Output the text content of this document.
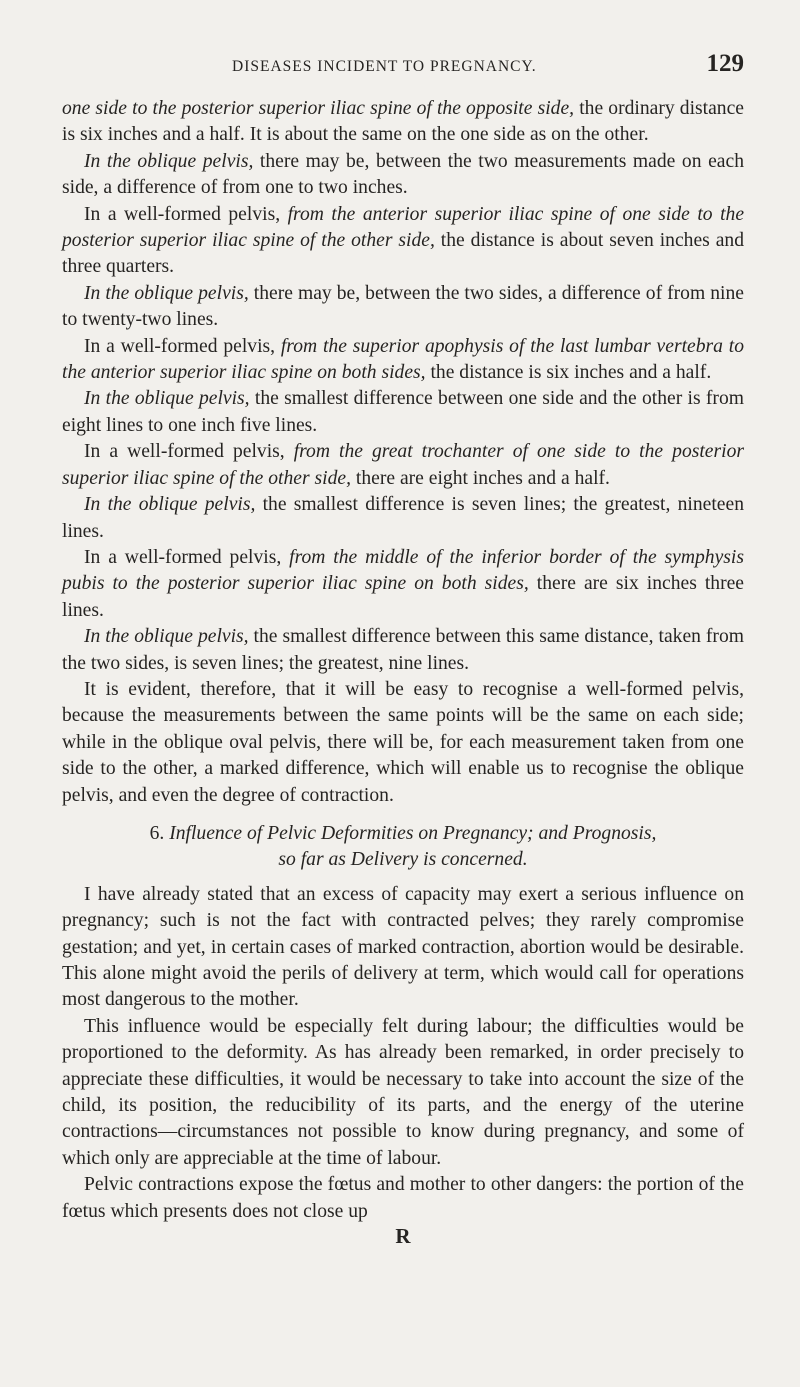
DISEASES INCIDENT TO PREGNANCY.	129

one side to the posterior superior iliac spine of the opposite side, the ordinary distance is six inches and a half. It is about the same on the one side as on the other.

In the oblique pelvis, there may be, between the two measurements made on each side, a difference of from one to two inches.

In a well-formed pelvis, from the anterior superior iliac spine of one side to the posterior superior iliac spine of the other side, the distance is about seven inches and three quarters.

In the oblique pelvis, there may be, between the two sides, a difference of from nine to twenty-two lines.

In a well-formed pelvis, from the superior apophysis of the last lumbar vertebra to the anterior superior iliac spine on both sides, the distance is six inches and a half.

In the oblique pelvis, the smallest difference between one side and the other is from eight lines to one inch five lines.

In a well-formed pelvis, from the great trochanter of one side to the posterior superior iliac spine of the other side, there are eight inches and a half.

In the oblique pelvis, the smallest difference is seven lines; the greatest, nineteen lines.

In a well-formed pelvis, from the middle of the inferior border of the symphysis pubis to the posterior superior iliac spine on both sides, there are six inches three lines.

In the oblique pelvis, the smallest difference between this same distance, taken from the two sides, is seven lines; the greatest, nine lines.

It is evident, therefore, that it will be easy to recognise a well-formed pelvis, because the measurements between the same points will be the same on each side; while in the oblique oval pelvis, there will be, for each measurement taken from one side to the other, a marked difference, which will enable us to recognise the oblique pelvis, and even the degree of contraction.

6. Influence of Pelvic Deformities on Pregnancy; and Prognosis,
so far as Delivery is concerned.

I have already stated that an excess of capacity may exert a serious influence on pregnancy; such is not the fact with contracted pelves; they rarely compromise gestation; and yet, in certain cases of marked contraction, abortion would be desirable. This alone might avoid the perils of delivery at term, which would call for operations most dangerous to the mother.

This influence would be especially felt during labour; the difficulties would be proportioned to the deformity. As has already been remarked, in order precisely to appreciate these difficulties, it would be necessary to take into account the size of the child, its position, the reducibility of its parts, and the energy of the uterine contractions—circumstances not possible to know during pregnancy, and some of which only are appreciable at the time of labour.

Pelvic contractions expose the fœtus and mother to other dangers: the portion of the fœtus which presents does not close up

R
